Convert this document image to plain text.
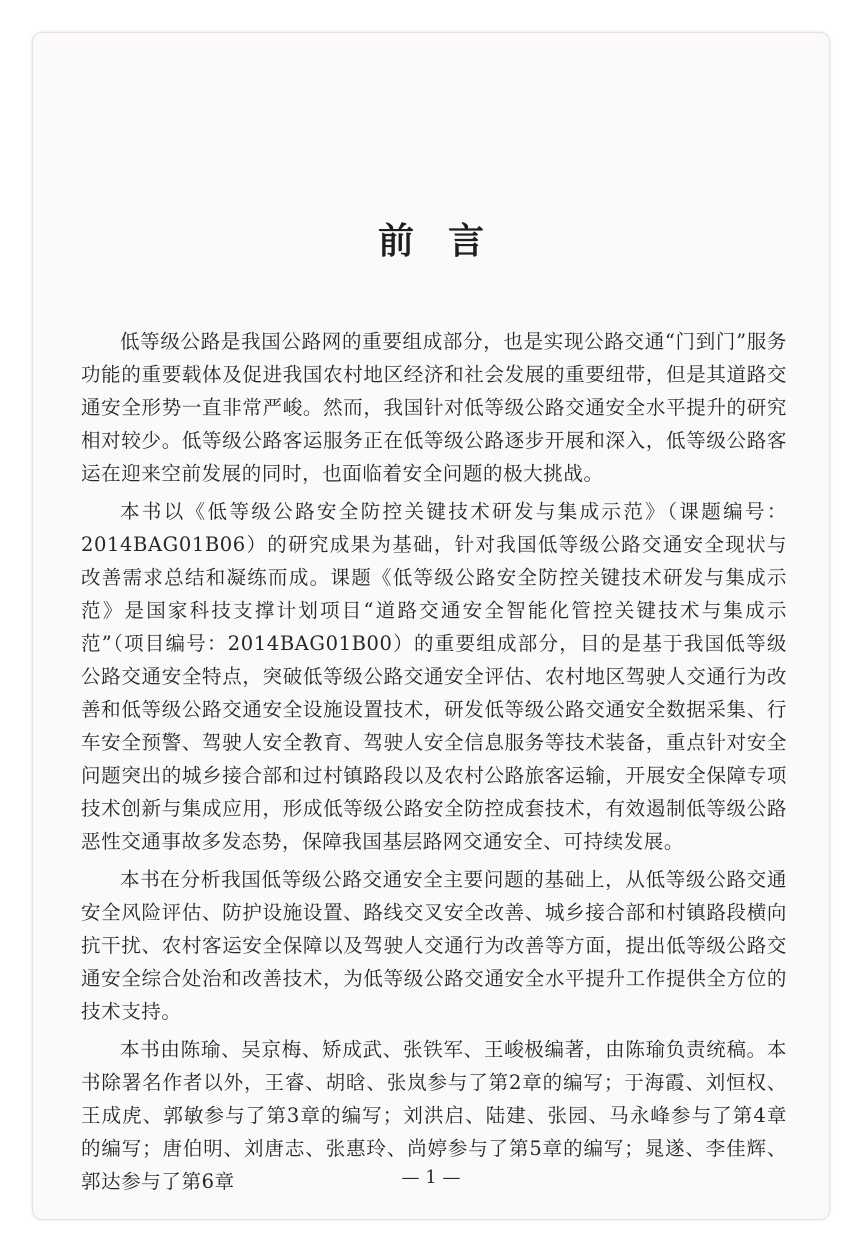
前言

低等级公路是我国公路网的重要组成部分，也是实现公路交通“门到门”服务功能的重要载体及促进我国农村地区经济和社会发展的重要纽带，但是其道路交通安全形势一直非常严峻。然而，我国针对低等级公路交通安全水平提升的研究相对较少。低等级公路客运服务正在低等级公路逐步开展和深入，低等级公路客运在迎来空前发展的同时，也面临着安全问题的极大挑战。

本书以《低等级公路安全防控关键技术研发与集成示范》（课题编号：2014BAG01B06）的研究成果为基础，针对我国低等级公路交通安全现状与改善需求总结和凝练而成。课题《低等级公路安全防控关键技术研发与集成示范》是国家科技支撑计划项目“道路交通安全智能化管控关键技术与集成示范”（项目编号：2014BAG01B00）的重要组成部分，目的是基于我国低等级公路交通安全特点，突破低等级公路交通安全评估、农村地区驾驶人交通行为改善和低等级公路交通安全设施设置技术，研发低等级公路交通安全数据采集、行车安全预警、驾驶人安全教育、驾驶人安全信息服务等技术装备，重点针对安全问题突出的城乡接合部和过村镇路段以及农村公路旅客运输，开展安全保障专项技术创新与集成应用，形成低等级公路安全防控成套技术，有效遏制低等级公路恶性交通事故多发态势，保障我国基层路网交通安全、可持续发展。

本书在分析我国低等级公路交通安全主要问题的基础上，从低等级公路交通安全风险评估、防护设施设置、路线交叉安全改善、城乡接合部和村镇路段横向抗干扰、农村客运安全保障以及驾驶人交通行为改善等方面，提出低等级公路交通安全综合处治和改善技术，为低等级公路交通安全水平提升工作提供全方位的技术支持。

本书由陈瑜、吴京梅、矫成武、张铁军、王峻极编著，由陈瑜负责统稿。本书除署名作者以外，王睿、胡晗、张岚参与了第2章的编写；于海霞、刘恒权、王成虎、郭敏参与了第3章的编写；刘洪启、陆建、张园、马永峰参与了第4章的编写；唐伯明、刘唐志、张惠玲、尚婷参与了第5章的编写；晁遂、李佳辉、郭达参与了第6章	— 1 —
